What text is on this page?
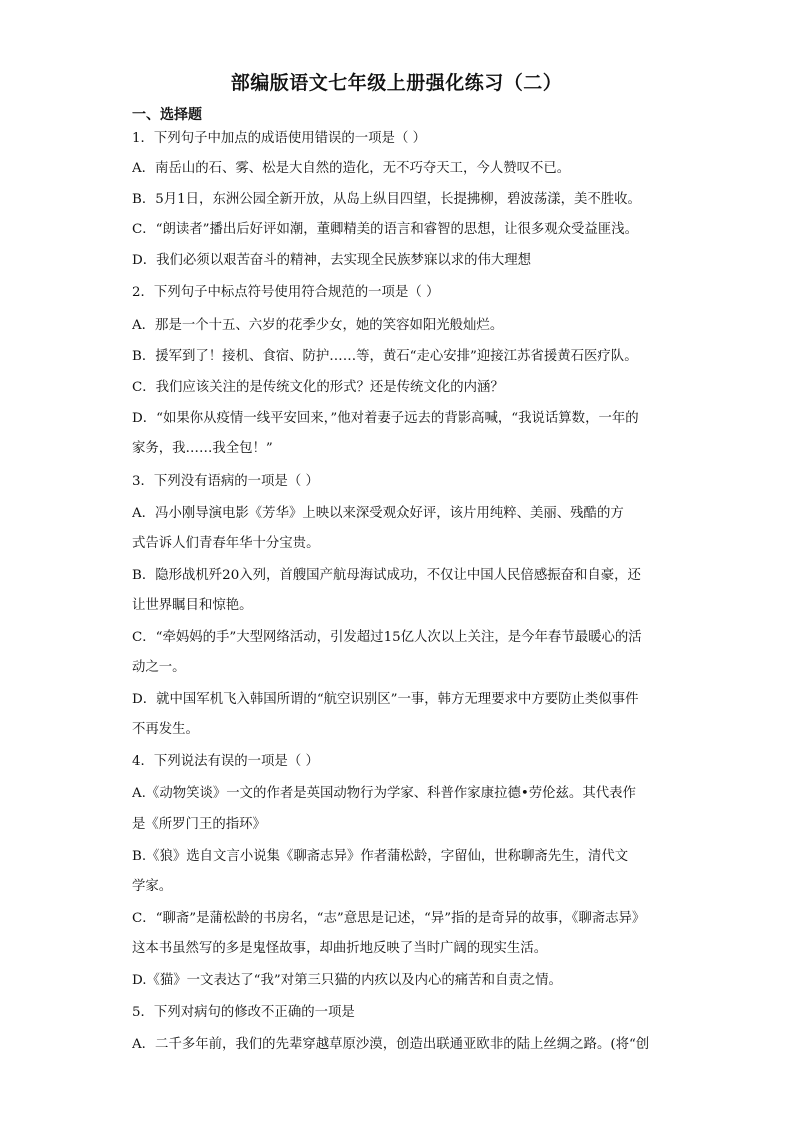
部编版语文七年级上册强化练习（二）
一、选择题
1．下列句子中加点的成语使用错误的一项是（ ）
A．南岳山的石、雾、松是大自然的造化，无不巧夺天工，今人赞叹不已。
B．5月1日，东洲公园全新开放，从岛上纵目四望，长提拂柳，碧波荡漾，美不胜收。
C．“朗读者”播出后好评如潮，董卿精美的语言和睿智的思想，让很多观众受益匪浅。
D．我们必须以艰苦奋斗的精神，去实现全民族梦寐以求的伟大理想
2．下列句子中标点符号使用符合规范的一项是（ ）
A．那是一个十五、六岁的花季少女，她的笑容如阳光般灿烂。
B．援军到了！接机、食宿、防护……等，黄石“走心安排”迎接江苏省援黄石医疗队。
C．我们应该关注的是传统文化的形式？还是传统文化的内涵？
D．“如果你从疫情一线平安回来，”他对着妻子远去的背影高喊，“我说话算数，一年的
家务，我……我全包！”
3．下列没有语病的一项是（ ）
A．冯小刚导演电影《芳华》上映以来深受观众好评，该片用纯粹、美丽、残酷的方
式告诉人们青春年华十分宝贵。
B．隐形战机歼20入列，首艘国产航母海试成功，不仅让中国人民倍感振奋和自豪，还
让世界瞩目和惊艳。
C．“牵妈妈的手”大型网络活动，引发超过15亿人次以上关注，是今年春节最暖心的活
动之一。
D．就中国军机飞入韩国所谓的“航空识别区”一事，韩方无理要求中方要防止类似事件
不再发生。
4．下列说法有误的一项是（ ）
A.《动物笑谈》一文的作者是英国动物行为学家、科普作家康拉德•劳伦兹。其代表作
是《所罗门王的指环》
B.《狼》选自文言小说集《聊斋志异》作者蒲松龄，字留仙，世称聊斋先生，清代文
学家。
C．“聊斋”是蒲松龄的书房名，“志”意思是记述，“异”指的是奇异的故事，《聊斋志异》
这本书虽然写的多是鬼怪故事，却曲折地反映了当时广阔的现实生活。
D.《猫》一文表达了“我”对第三只猫的内疚以及内心的痛苦和自责之情。
5．下列对病句的修改不正确的一项是
A．二千多年前，我们的先辈穿越草原沙漠，创造出联通亚欧非的陆上丝绸之路。(将“创
